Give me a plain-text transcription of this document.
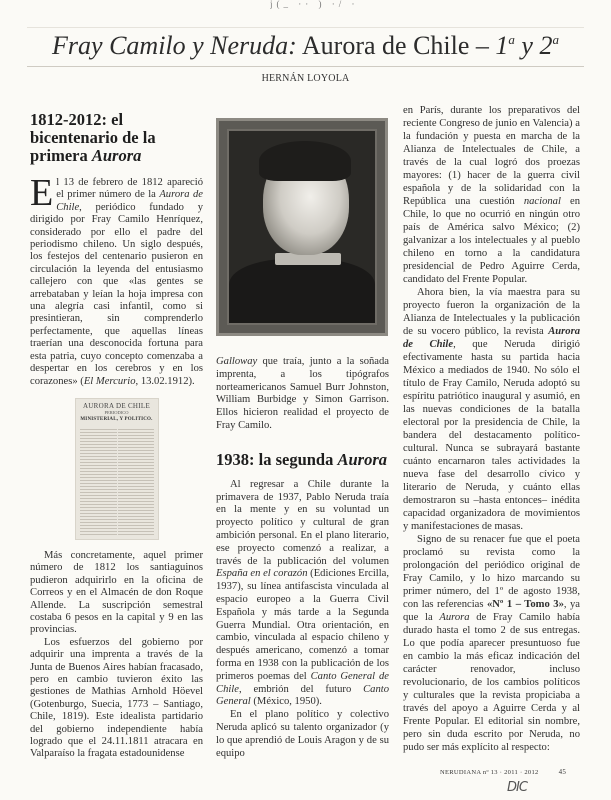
j(_ ·· ) ·/ ·
Fray Camilo y Neruda: Aurora de Chile – 1$^a$ y 2$^a$
HERNÁN LOYOLA
1812-2012: el bicentenario de la primera Aurora

El 13 de febrero de 1812 apareció el primer número de la Aurora de Chile, periódico fundado y dirigido por Fray Camilo Henríquez, considerado por ello el padre del periodismo chileno. Un siglo después, los festejos del centenario pusieron en circulación la leyenda del entusiasmo callejero con que «las gentes se arrebataban y leían la hoja impresa con una alegría casi infantil, como si presintieran, sin comprenderlo perfectamente, que aquellas líneas traerían una desconocida fortuna para esta patria, cuyo concepto comenzaba a despertar en los cerebros y en los corazones» (El Mercurio, 13.02.1912).

AURORA DE CHILE
PERIODICO
MINISTERIAL, Y POLITICO.

Más concretamente, aquel primer número de 1812 los santiaguinos pudieron adquirirlo en la oficina de Correos y en el Almacén de don Roque Allende. La suscripción semestral costaba 6 pesos en la capital y 9 en las provincias.

Los esfuerzos del gobierno por adquirir una imprenta a través de la Junta de Buenos Aires habían fracasado, pero en cambio tuvieron éxito las gestiones de Mathias Arnhold Höevel (Gotenburgo, Suecia, 1773 – Santiago, Chile, 1819). Este idealista partidario del gobierno independiente había logrado que el 24.11.1811 atracara en Valparaíso la fragata estadounidense

Galloway que traía, junto a la soñada imprenta, a los tipógrafos norteamericanos Samuel Burr Johnston, William Burbidge y Simon Garrison. Ellos hicieron realidad el proyecto de Fray Camilo.

1938: la segunda Aurora

Al regresar a Chile durante la primavera de 1937, Pablo Neruda traía en la mente y en su voluntad un proyecto político y cultural de gran ambición personal. En el plano literario, ese proyecto comenzó a realizar, a través de la publicación del volumen España en el corazón (Ediciones Ercilla, 1937), su línea antifascista vinculada al espacio europeo a la Guerra Civil Española y más tarde a la Segunda Guerra Mundial. Otra orientación, en cambio, vinculada al espacio chileno y después americano, comenzó a tomar forma en 1938 con la publicación de los primeros poemas del Canto General de Chile, embrión del futuro Canto General (México, 1950).

En el plano político y colectivo Neruda aplicó su talento organizador (y lo que aprendió de Louis Aragon y de su equipo

en París, durante los preparativos del reciente Congreso de junio en Valencia) a la fundación y puesta en marcha de la Alianza de Intelectuales de Chile, a través de la cual logró dos proezas mayores: (1) hacer de la guerra civil española y de la solidaridad con la República una cuestión nacional en Chile, lo que no ocurrió en ningún otro país de América salvo México; (2) galvanizar a los intelectuales y al pueblo chileno en torno a la candidatura presidencial de Pedro Aguirre Cerda, candidato del Frente Popular.

Ahora bien, la vía maestra para su proyecto fueron la organización de la Alianza de Intelectuales y la publicación de su vocero público, la revista Aurora de Chile, que Neruda dirigió efectivamente hasta su partida hacia México a mediados de 1940. No sólo el título de Fray Camilo, Neruda adoptó su espíritu patriótico inaugural y asumió, en las nuevas condiciones de la batalla electoral por la presidencia de Chile, la bandera del destacamento político-cultural. Nunca se subrayará bastante cuánto encarnaron tales actividades la nueva fase del desarrollo cívico y literario de Neruda, y cuánto ellas demostraron su –hasta entonces– inédita capacidad organizadora de movimientos y manifestaciones de masas.

Signo de su renacer fue que el poeta proclamó su revista como la prolongación del periódico original de Fray Camilo, y lo hizo marcando su primer número, del 1º de agosto 1938, con las referencias «Nº 1 – Tomo 3», ya que la Aurora de Fray Camilo había durado hasta el tomo 2 de sus entregas. Lo que podía aparecer presuntuoso fue en cambio la más eficaz indicación del carácter renovador, incluso revolucionario, de los cambios políticos y culturales que la revista propiciaba a través del apoyo a Aguirre Cerda y al Frente Popular. El editorial sin nombre, pero sin duda escrito por Neruda, no pudo ser más explícito al respecto:

NERUDIANA nº 13 · 2011 · 2012	45
DIC
